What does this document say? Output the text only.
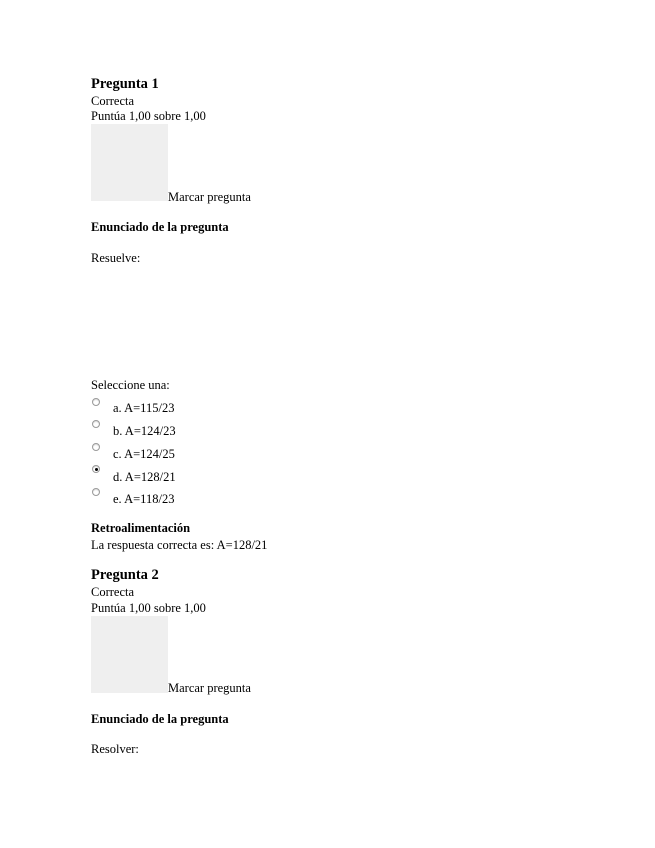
Pregunta 1
Correcta
Puntúa 1,00 sobre 1,00
Marcar pregunta
Enunciado de la pregunta
Resuelve:
Seleccione una:
a. A=115/23
b. A=124/23
c. A=124/25
d. A=128/21
e. A=118/23
Retroalimentación
La respuesta correcta es: A=128/21
Pregunta 2
Correcta
Puntúa 1,00 sobre 1,00
Marcar pregunta
Enunciado de la pregunta
Resolver:
